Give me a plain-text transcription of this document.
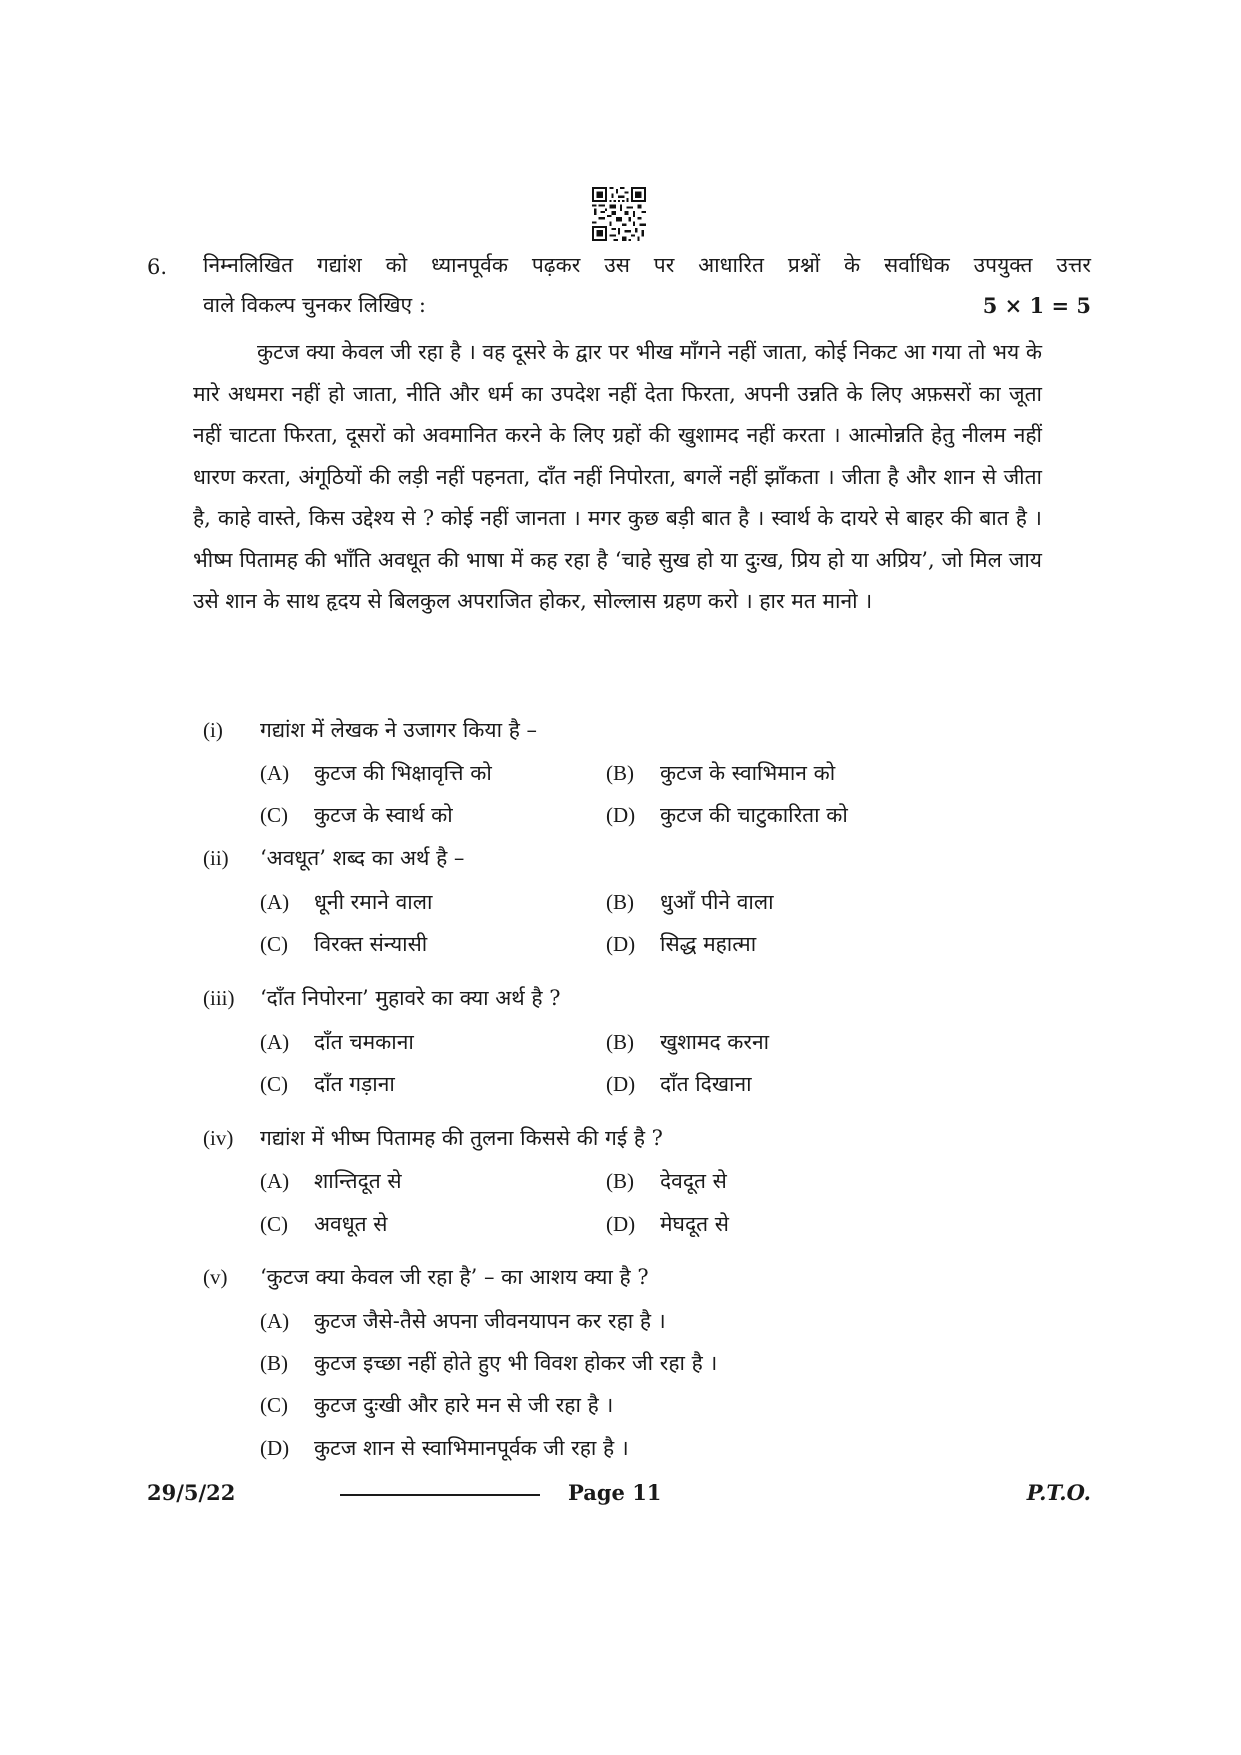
6. निम्नलिखित गद्यांश को ध्यानपूर्वक पढ़कर उस पर आधारित प्रश्नों के सर्वाधिक उपयुक्त उत्तर
वाले विकल्प चुनकर लिखिए :	5 × 1 = 5

कुटज क्या केवल जी रहा है । वह दूसरे के द्वार पर भीख माँगने नहीं जाता, कोई निकट आ गया तो भय के मारे अधमरा नहीं हो जाता, नीति और धर्म का उपदेश नहीं देता फिरता, अपनी उन्नति के लिए अफ़सरों का जूता नहीं चाटता फिरता, दूसरों को अवमानित करने के लिए ग्रहों की खुशामद नहीं करता । आत्मोन्नति हेतु नीलम नहीं धारण करता, अंगूठियों की लड़ी नहीं पहनता, दाँत नहीं निपोरता, बगलें नहीं झाँकता । जीता है और शान से जीता है, काहे वास्ते, किस उद्देश्य से ? कोई नहीं जानता । मगर कुछ बड़ी बात है । स्वार्थ के दायरे से बाहर की बात है । भीष्म पितामह की भाँति अवधूत की भाषा में कह रहा है ‘चाहे सुख हो या दुःख, प्रिय हो या अप्रिय’, जो मिल जाय उसे शान के साथ हृदय से बिलकुल अपराजित होकर, सोल्लास ग्रहण करो । हार मत मानो ।

(i) गद्यांश में लेखक ने उजागर किया है –
(A) कुटज की भिक्षावृत्ति को	(B) कुटज के स्वाभिमान को
(C) कुटज के स्वार्थ को	(D) कुटज की चाटुकारिता को
(ii) ‘अवधूत’ शब्द का अर्थ है –
(A) धूनी रमाने वाला	(B) धुआँ पीने वाला
(C) विरक्त संन्यासी	(D) सिद्ध महात्मा
(iii) ‘दाँत निपोरना’ मुहावरे का क्या अर्थ है ?
(A) दाँत चमकाना	(B) खुशामद करना
(C) दाँत गड़ाना	(D) दाँत दिखाना
(iv) गद्यांश में भीष्म पितामह की तुलना किससे की गई है ?
(A) शान्तिदूत से	(B) देवदूत से
(C) अवधूत से	(D) मेघदूत से
(v) ‘कुटज क्या केवल जी रहा है’ – का आशय क्या है ?
(A) कुटज जैसे-तैसे अपना जीवनयापन कर रहा है ।
(B) कुटज इच्छा नहीं होते हुए भी विवश होकर जी रहा है ।
(C) कुटज दुःखी और हारे मन से जी रहा है ।
(D) कुटज शान से स्वाभिमानपूर्वक जी रहा है ।
29/5/22	Page 11	P.T.O.
